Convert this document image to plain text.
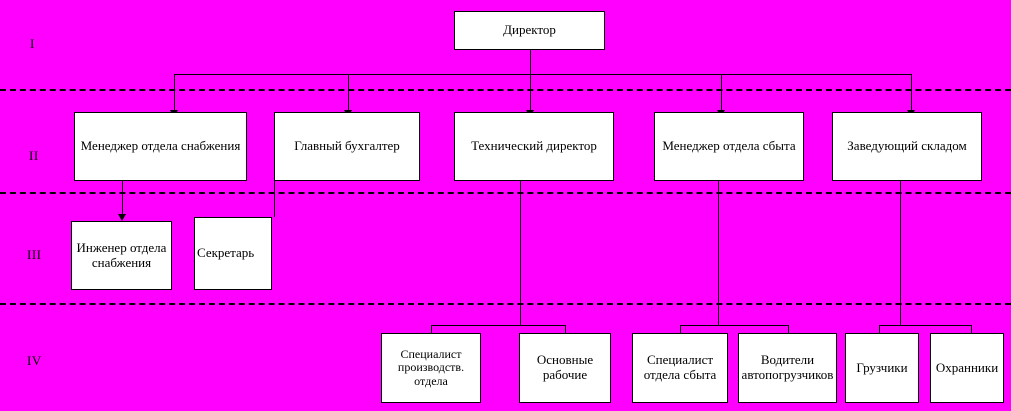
I
II
III
IV
Директор
Менеджер отдела снабжения	Главный бухгалтер	Технический директор	Менеджер отдела сбыта	Заведующий складом
Инженер отдела снабжения
Секретарь
Специалист производств. отдела
Основные рабочие
Специалист отдела сбыта
Водители автопогрузчиков	Грузчики	Охранники
